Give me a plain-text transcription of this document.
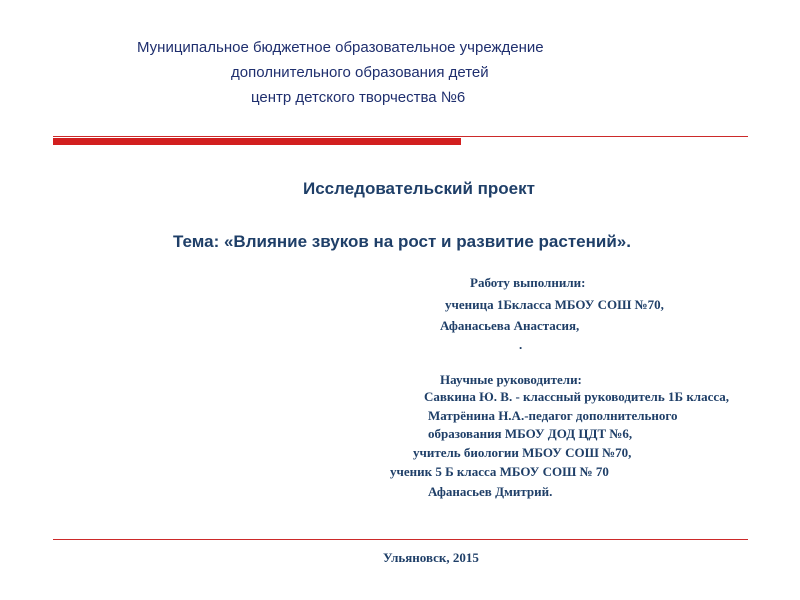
Муниципальное бюджетное образовательное учреждение
дополнительного образования детей
центр детского творчества №6
Исследовательский проект
Тема: «Влияние звуков на рост и развитие растений».
Работу выполнили:
ученица 1Бкласса МБОУ СОШ №70,
Афанасьева Анастасия,
.
Научные руководители:
Савкина Ю. В. - классный руководитель 1Б класса,
Матрёнина Н.А.-педагог дополнительного
образования МБОУ ДОД ЦДТ №6,
учитель биологии МБОУ СОШ №70,
ученик 5 Б класса МБОУ СОШ № 70
Афанасьев Дмитрий.
Ульяновск, 2015
